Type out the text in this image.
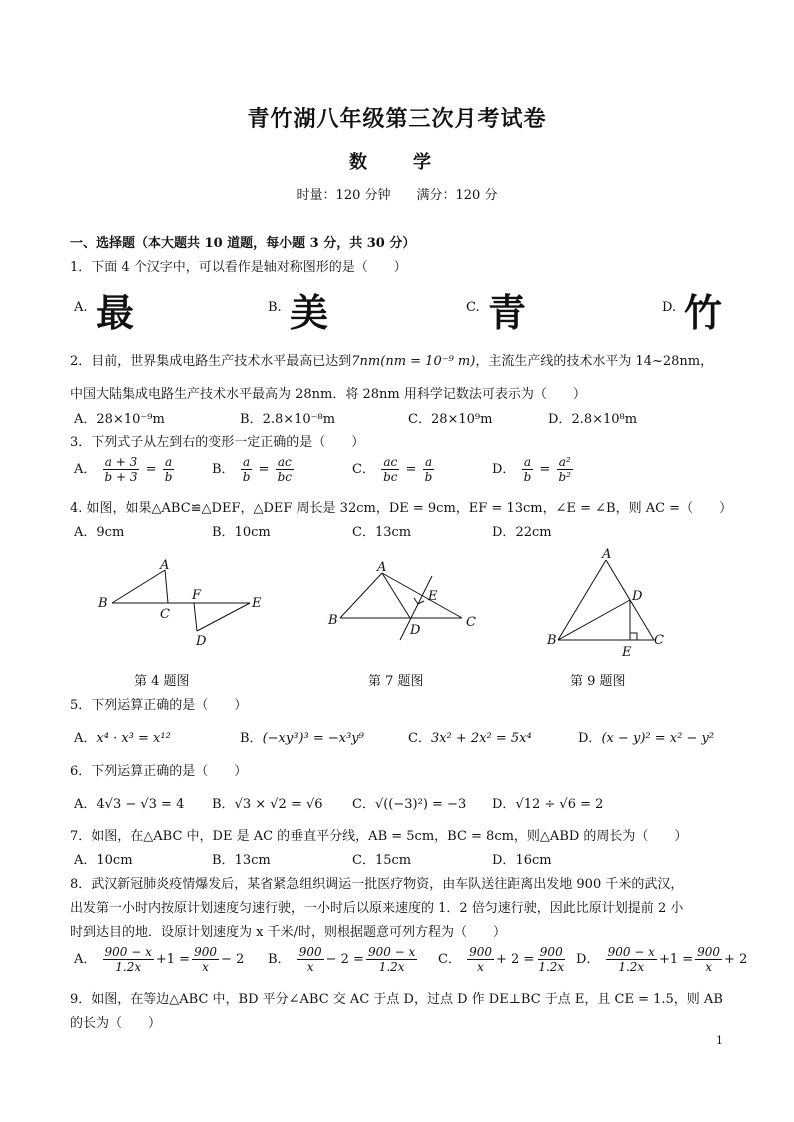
青竹湖八年级第三次月考试卷
数　学
时量：120 分钟　　满分：120 分
一、选择题（本大题共 10 道题，每小题 3 分，共 30 分）
1．下面 4 个汉字中，可以看作是轴对称图形的是（　　）
A. 最	B. 美	C. 青	D. 竹
2．目前，世界集成电路生产技术水平最高已达到7nm(nm = 10⁻⁹ m)，主流生产线的技术水平为 14~28nm，
中国大陆集成电路生产技术水平最高为 28nm．将 28nm 用科学记数法可表示为（　　）
A．28×10⁻⁹m	B．2.8×10⁻⁸m	C．28×10⁹m	D．2.8×10⁸m
3．下列式子从左到右的变形一定正确的是（　　）
A． $\frac{a + 3}{b + 3} = \frac{a}{b}$	B． $\frac{a}{b} = \frac{ac}{bc}$	C． $\frac{ac}{bc} = \frac{a}{b}$	D． $\frac{a}{b} = \frac{\text{a²}}{\text{b²}}$
4. 如图，如果△ABC≌△DEF，△DEF 周长是 32cm，DE = 9cm，EF = 13cm，∠E = ∠B，则 AC =（　　）
A．9cm	B．10cm	C．13cm	D．22cm
A
B
C
F
E
D
A
B	C
E
D
A
D
B	C
E
第 4 题图	第 7 题图	第 9 题图
5．下列运算正确的是（　　）
A．x⁴ · x³ = x¹²	B．(−xy³)³ = −x³y⁹	C．3x² + 2x² = 5x⁴	D．(x − y)² = x² − y²
6．下列运算正确的是（　　）
A．4√3 − √3 = 4 B．√3 × √2 = √6 C．√((−3)²) = −3 D．√12 ÷ √6 = 2
7．如图，在△ABC 中，DE 是 AC 的垂直平分线，AB = 5cm，BC = 8cm，则△ABD 的周长为（　　）
A．10cm	B．13cm	C．15cm	D．16cm
8．武汉新冠肺炎疫情爆发后，某省紧急组织调运一批医疗物资，由车队送往距离出发地 900 千米的武汉，
出发第一小时内按原计划速度匀速行驶，一小时后以原来速度的 1．2 倍匀速行驶，因此比原计划提前 2 小
时到达目的地．设原计划速度为 x 千米/时，则根据题意可列方程为（　　）
A． $\frac{900 - x}{1.2x} +1 = \frac{900}{x} - 2$ B． $\frac{900}{x} - 2 = \frac{900 - x}{1.2x}$ C． $\frac{900}{x} + 2 = \frac{900}{1.2x}$ D． $\frac{900 - x}{1.2x} +1 = \frac{900}{x} + 2$
9．如图，在等边△ABC 中，BD 平分∠ABC 交 AC 于点 D，过点 D 作 DE⊥BC 于点 E，且 CE = 1.5，则 AB
的长为（　　）
1
